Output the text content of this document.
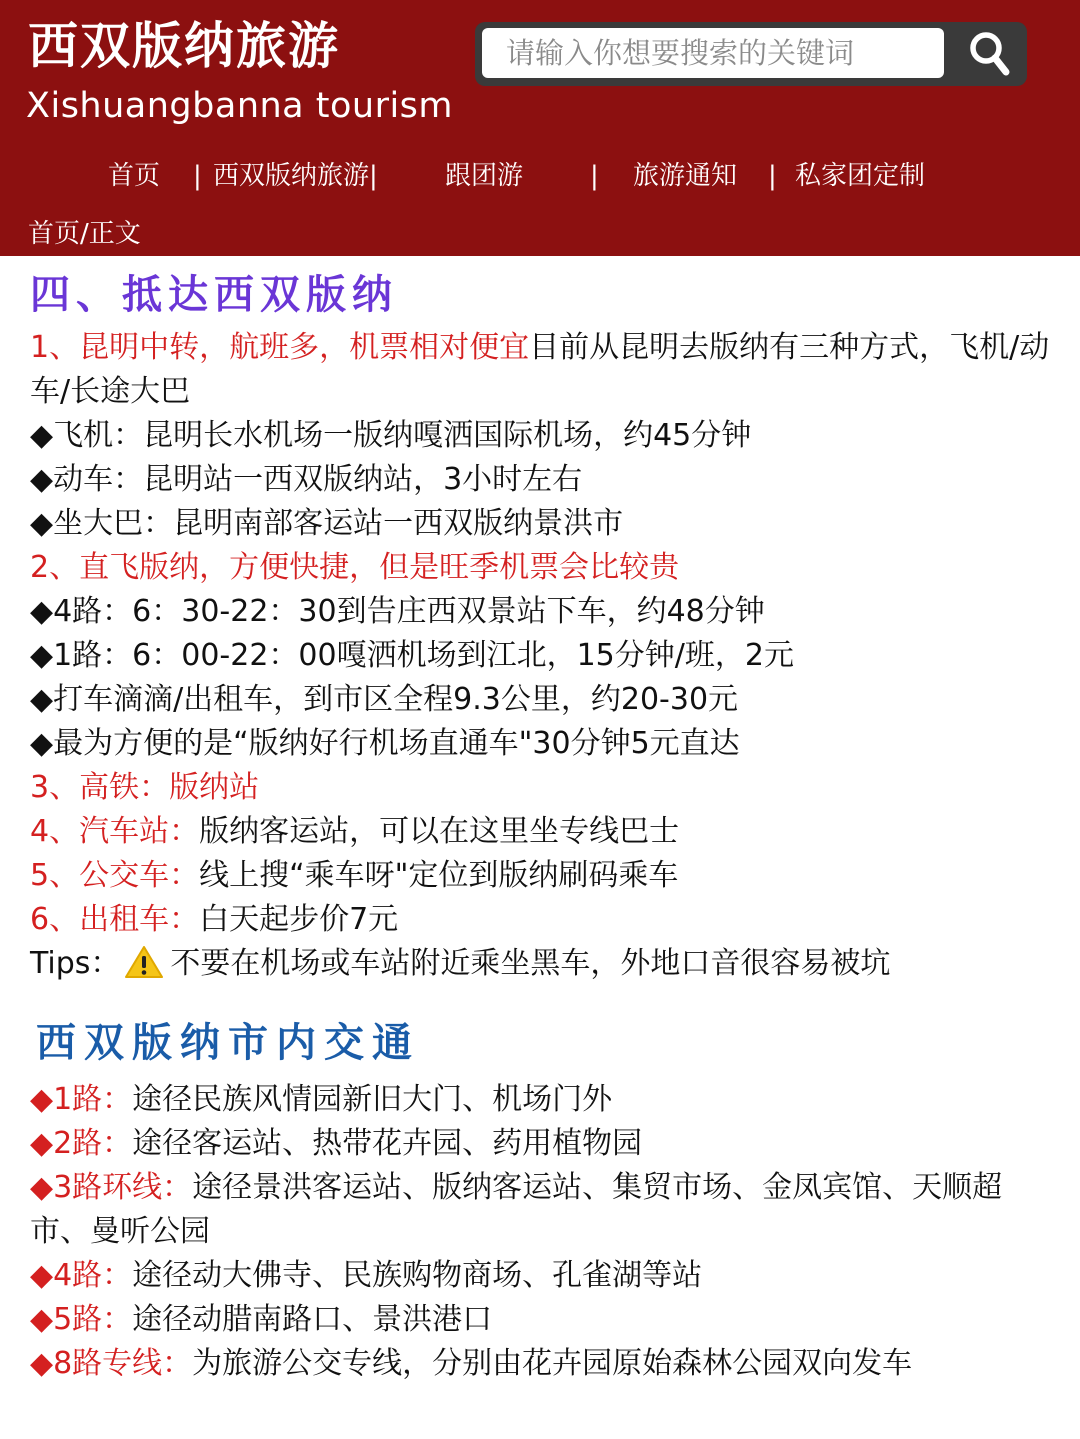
西双版纳旅游
Xishuangbanna tourism
请输入你想要搜索的关键词
首页 | 西双版纳旅游 |	跟团游	| 旅游通知 | 私家团定制
首页/正文
四、抵达西双版纳

1、昆明中转，航班多，机票相对便宜目前从昆明去版纳有三种方式，飞机/动车/长途大巴

◆飞机：昆明长水机场一版纳嘎洒国际机场，约45分钟

◆动车：昆明站一西双版纳站，3小时左右

◆坐大巴：昆明南部客运站一西双版纳景洪市

2、直飞版纳，方便快捷，但是旺季机票会比较贵

◆4路：6：30-22：30到告庄西双景站下车，约48分钟

◆1路：6：00-22：00嘎洒机场到江北，15分钟/班，2元

◆打车滴滴/出租车，到市区全程9.3公里，约20-30元

◆最为方便的是“版纳好行机场直通车"30分钟5元直达

3、高铁：版纳站

4、汽车站：版纳客运站，可以在这里坐专线巴士

5、公交车：线上搜“乘车呀"定位到版纳刷码乘车

6、出租车：白天起步价7元

Tips： 不要在机场或车站附近乘坐黑车，外地口音很容易被坑

西双版纳市内交通

◆1路：途径民族风情园新旧大门、机场门外

◆2路：途径客运站、热带花卉园、药用植物园

◆3路环线：途径景洪客运站、版纳客运站、集贸市场、金凤宾馆、天顺超市、曼听公园

◆4路：途径动大佛寺、民族购物商场、孔雀湖等站

◆5路：途径动腊南路口、景洪港口

◆8路专线：为旅游公交专线，分别由花卉园原始森林公园双向发车
